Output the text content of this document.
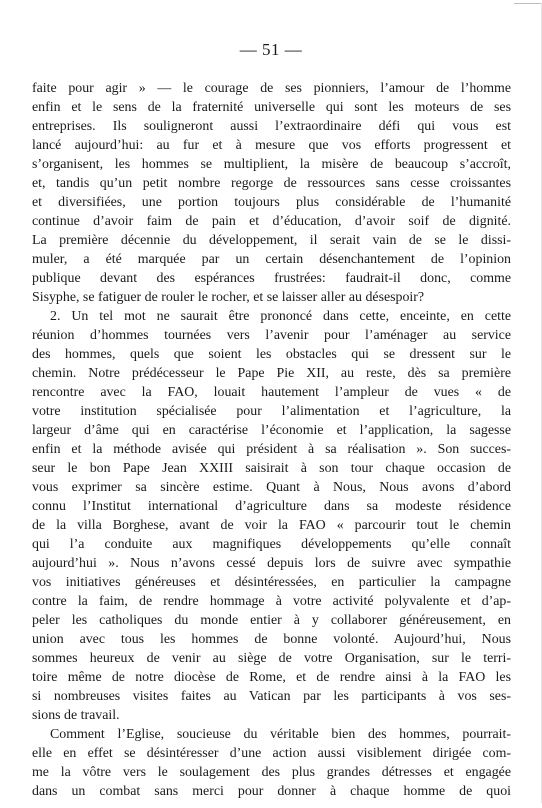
— 51 —

faite pour agir » — le courage de ses pionniers, l’amour de l’homme
enfin et le sens de la fraternité universelle qui sont les moteurs de ses
entreprises. Ils souligneront aussi l’extraordinaire défi qui vous est
lancé aujourd’hui: au fur et à mesure que vos efforts progressent et
s’organisent, les hommes se multiplient, la misère de beaucoup s’accroît,
et, tandis qu’un petit nombre regorge de ressources sans cesse croissantes
et diversifiées, une portion toujours plus considérable de l’humanité
continue d’avoir faim de pain et d’éducation, d’avoir soif de dignité.
La première décennie du développement, il serait vain de se le dissi-
muler, a été marquée par un certain désenchantement de l’opinion
publique devant des espérances frustrées: faudrait-il donc, comme
Sisyphe, se fatiguer de rouler le rocher, et se laisser aller au désespoir?

2. Un tel mot ne saurait être prononcé dans cette, enceinte, en cette
réunion d’hommes tournées vers l’avenir pour l’aménager au service
des hommes, quels que soient les obstacles qui se dressent sur le
chemin. Notre prédécesseur le Pape Pie XII, au reste, dès sa première
rencontre avec la FAO, louait hautement l’ampleur de vues « de
votre institution spécialisée pour l’alimentation et l’agriculture, la
largeur d’âme qui en caractérise l’économie et l’application, la sagesse
enfin et la méthode avisée qui président à sa réalisation ». Son succes-
seur le bon Pape Jean XXIII saisirait à son tour chaque occasion de
vous exprimer sa sincère estime. Quant à Nous, Nous avons d’abord
connu l’Institut international d’agriculture dans sa modeste résidence
de la villa Borghese, avant de voir la FAO « parcourir tout le chemin
qui l’a conduite aux magnifiques développements qu’elle connaît
aujourd’hui ». Nous n’avons cessé depuis lors de suivre avec sympathie
vos initiatives généreuses et désintéressées, en particulier la campagne
contre la faim, de rendre hommage à votre activité polyvalente et d’ap-
peler les catholiques du monde entier à y collaborer généreusement, en
union avec tous les hommes de bonne volonté. Aujourd’hui, Nous
sommes heureux de venir au siège de votre Organisation, sur le terri-
toire même de notre diocèse de Rome, et de rendre ainsi à la FAO les
si nombreuses visites faites au Vatican par les participants à vos ses-
sions de travail.

Comment l’Eglise, soucieuse du véritable bien des hommes, pourrait-
elle en effet se désintéresser d’une action aussi visiblement dirigée com-
me la vôtre vers le soulagement des plus grandes détresses et engagée
dans un combat sans merci pour donner à chaque homme de quoi
